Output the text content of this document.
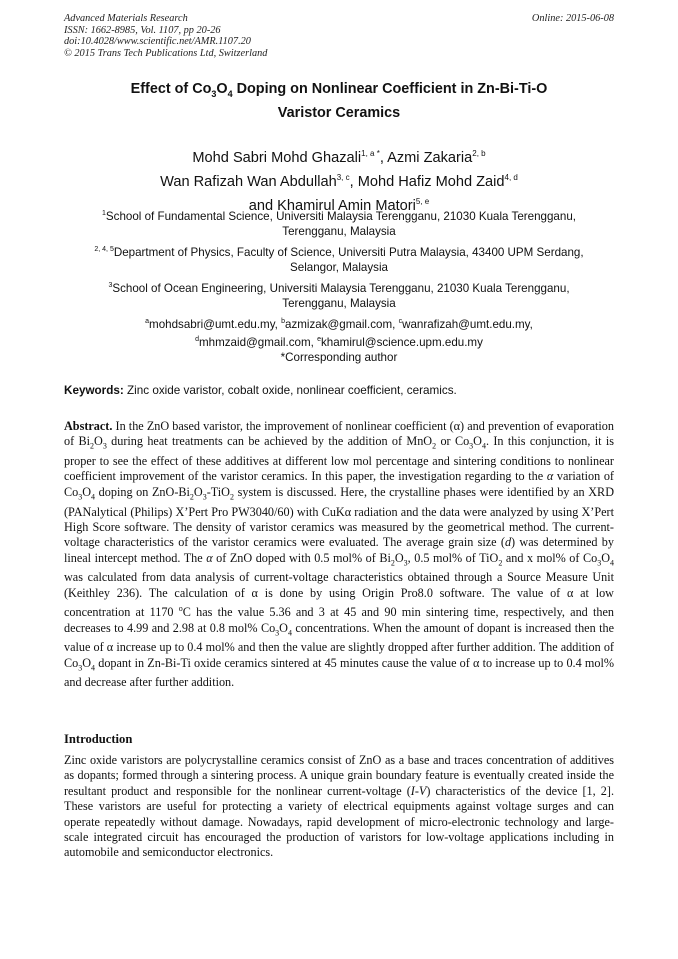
Advanced Materials Research
ISSN: 1662-8985, Vol. 1107, pp 20-26
doi:10.4028/www.scientific.net/AMR.1107.20
© 2015 Trans Tech Publications Ltd, Switzerland
Online: 2015-06-08
Effect of $Co_3O_4$ Doping on Nonlinear Coefficient in Zn-Bi-Ti-O
Varistor Ceramics
Mohd Sabri Mohd Ghazali$^{1, a *}$, Azmi Zakaria$^{2, b}$
Wan Rafizah Wan Abdullah$^{3, c}$, Mohd Hafiz Mohd Zaid$^{4, d}$
and Khamirul Amin Matori$^{5, e}$
$^1$School of Fundamental Science, Universiti Malaysia Terengganu, 21030 Kuala Terengganu,
Terengganu, Malaysia
$^{2, 4, 5}$Department of Physics, Faculty of Science, Universiti Putra Malaysia, 43400 UPM Serdang,
Selangor, Malaysia
$^3$School of Ocean Engineering, Universiti Malaysia Terengganu, 21030 Kuala Terengganu,
Terengganu, Malaysia
$^a$mohdsabri@umt.edu.my, $^b$azmizak@gmail.com, $^c$wanrafizah@umt.edu.my,
$^d$mhmzaid@gmail.com, $^e$khamirul@science.upm.edu.my
*Corresponding author
Keywords: Zinc oxide varistor, cobalt oxide, nonlinear coefficient, ceramics.
Abstract. In the ZnO based varistor, the improvement of nonlinear coefficient (α) and prevention of evaporation of $Bi_2O_3$ during heat treatments can be achieved by the addition of MnO$_2$ or $Co_3O_4$. In this conjunction, it is proper to see the effect of these additives at different low mol percentage and sintering conditions to nonlinear coefficient improvement of the varistor ceramics. In this paper, the investigation regarding to the α variation of $Co_3O_4$ doping on ZnO-$Bi_2O_3-TiO_2$ system is discussed. Here, the crystalline phases were identified by an XRD (PANalytical (Philips) X’Pert Pro PW3040/60) with CuKα radiation and the data were analyzed by using X’Pert High Score software. The density of varistor ceramics was measured by the geometrical method. The current-voltage characteristics of the varistor ceramics were evaluated. The average grain size (d) was determined by lineal intercept method. The α of ZnO doped with 0.5 mol% of $Bi_2O_3$, 0.5 mol% of TiO$_2$ and x mol% of $Co_3O_4$ was calculated from data analysis of current-voltage characteristics obtained through a Source Measure Unit (Keithley 236). The calculation of α is done by using Origin Pro8.0 software. The value of α at low concentration at 1170 $^o$C has the value 5.36 and 3 at 45 and 90 min sintering time, respectively, and then decreases to 4.99 and 2.98 at 0.8 mol% $Co_3O_4$ concentrations. When the amount of dopant is increased then the value of α increase up to 0.4 mol% and then the value are slightly dropped after further addition. The addition of $Co_3O_4$ dopant in Zn-Bi-Ti oxide ceramics sintered at 45 minutes cause the value of α to increase up to 0.4 mol% and decrease after further addition.
Introduction
Zinc oxide varistors are polycrystalline ceramics consist of ZnO as a base and traces concentration of additives as dopants; formed through a sintering process. A unique grain boundary feature is eventually created inside the resultant product and responsible for the nonlinear current-voltage (I-V) characteristics of the device [1, 2]. These varistors are useful for protecting a variety of electrical equipments against voltage surges and can operate repeatedly without damage. Nowadays, rapid development of micro-electronic technology and large-scale integrated circuit has encouraged the production of varistors for low-voltage applications including in automobile and semiconductor electronics.
